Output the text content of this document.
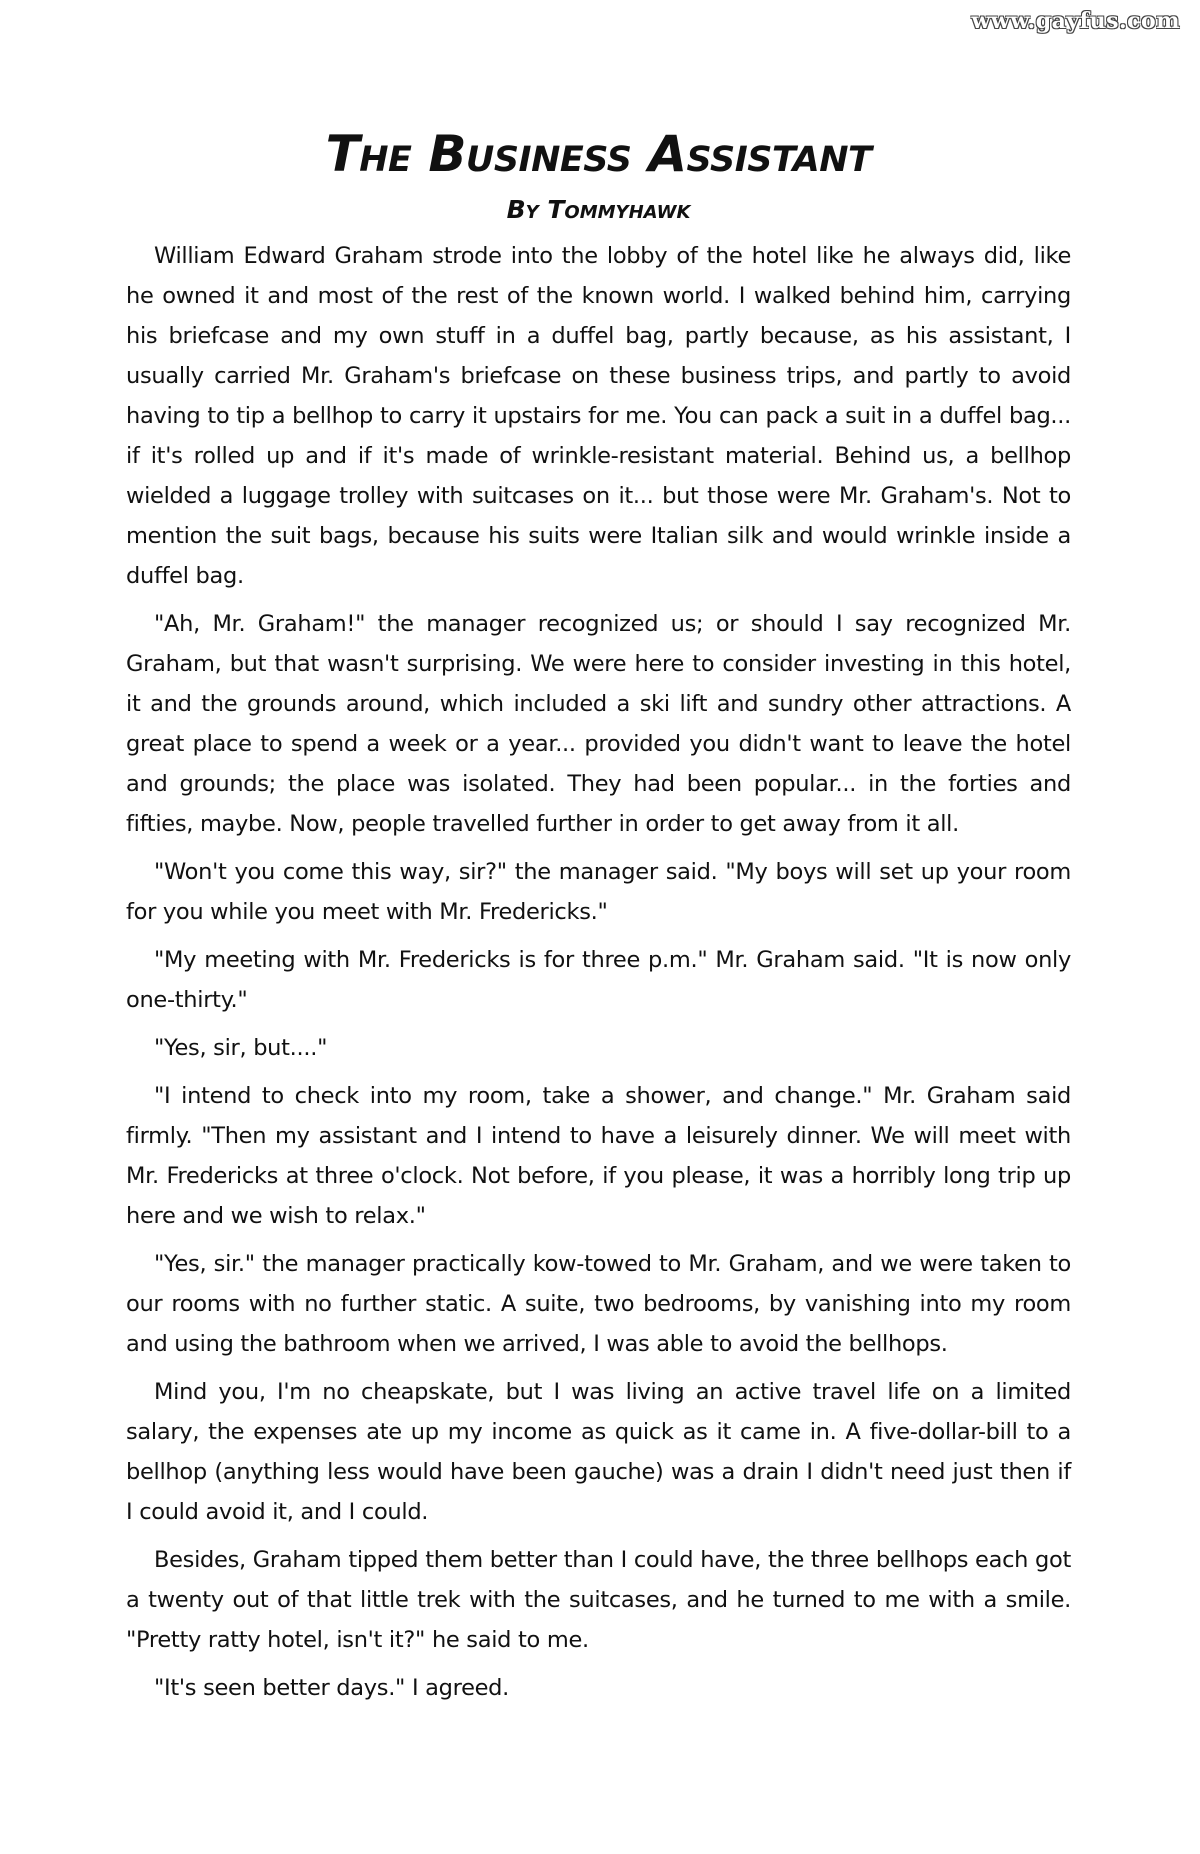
www.gayfus.com
The Business Assistant
By Tommyhawk

William Edward Graham strode into the lobby of the hotel like he always did, like he owned it and most of the rest of the known world. I walked behind him, carrying his briefcase and my own stuff in a duffel bag, partly because, as his assistant, I usually carried Mr. Graham's briefcase on these business trips, and partly to avoid having to tip a bellhop to carry it upstairs for me. You can pack a suit in a duffel bag... if it's rolled up and if it's made of wrinkle-resistant material. Behind us, a bellhop wielded a luggage trolley with suitcases on it... but those were Mr. Graham's. Not to mention the suit bags, because his suits were Italian silk and would wrinkle inside a duffel bag.

"Ah, Mr. Graham!" the manager recognized us; or should I say recognized Mr. Graham, but that wasn't surprising. We were here to consider investing in this hotel, it and the grounds around, which included a ski lift and sundry other attractions. A great place to spend a week or a year... provided you didn't want to leave the hotel and grounds; the place was isolated. They had been popular... in the forties and fifties, maybe. Now, people travelled further in order to get away from it all.

"Won't you come this way, sir?" the manager said. "My boys will set up your room for you while you meet with Mr. Fredericks."

"My meeting with Mr. Fredericks is for three p.m." Mr. Graham said. "It is now only one-thirty."

"Yes, sir, but...."

"I intend to check into my room, take a shower, and change." Mr. Graham said firmly. "Then my assistant and I intend to have a leisurely dinner. We will meet with Mr. Fredericks at three o'clock. Not before, if you please, it was a horribly long trip up here and we wish to relax."

"Yes, sir." the manager practically kow-towed to Mr. Graham, and we were taken to our rooms with no further static. A suite, two bedrooms, by vanishing into my room and using the bathroom when we arrived, I was able to avoid the bellhops.

Mind you, I'm no cheapskate, but I was living an active travel life on a limited salary, the expenses ate up my income as quick as it came in. A five-dollar-bill to a bellhop (anything less would have been gauche) was a drain I didn't need just then if I could avoid it, and I could.

Besides, Graham tipped them better than I could have, the three bellhops each got a twenty out of that little trek with the suitcases, and he turned to me with a smile. "Pretty ratty hotel, isn't it?" he said to me.

"It's seen better days." I agreed.
